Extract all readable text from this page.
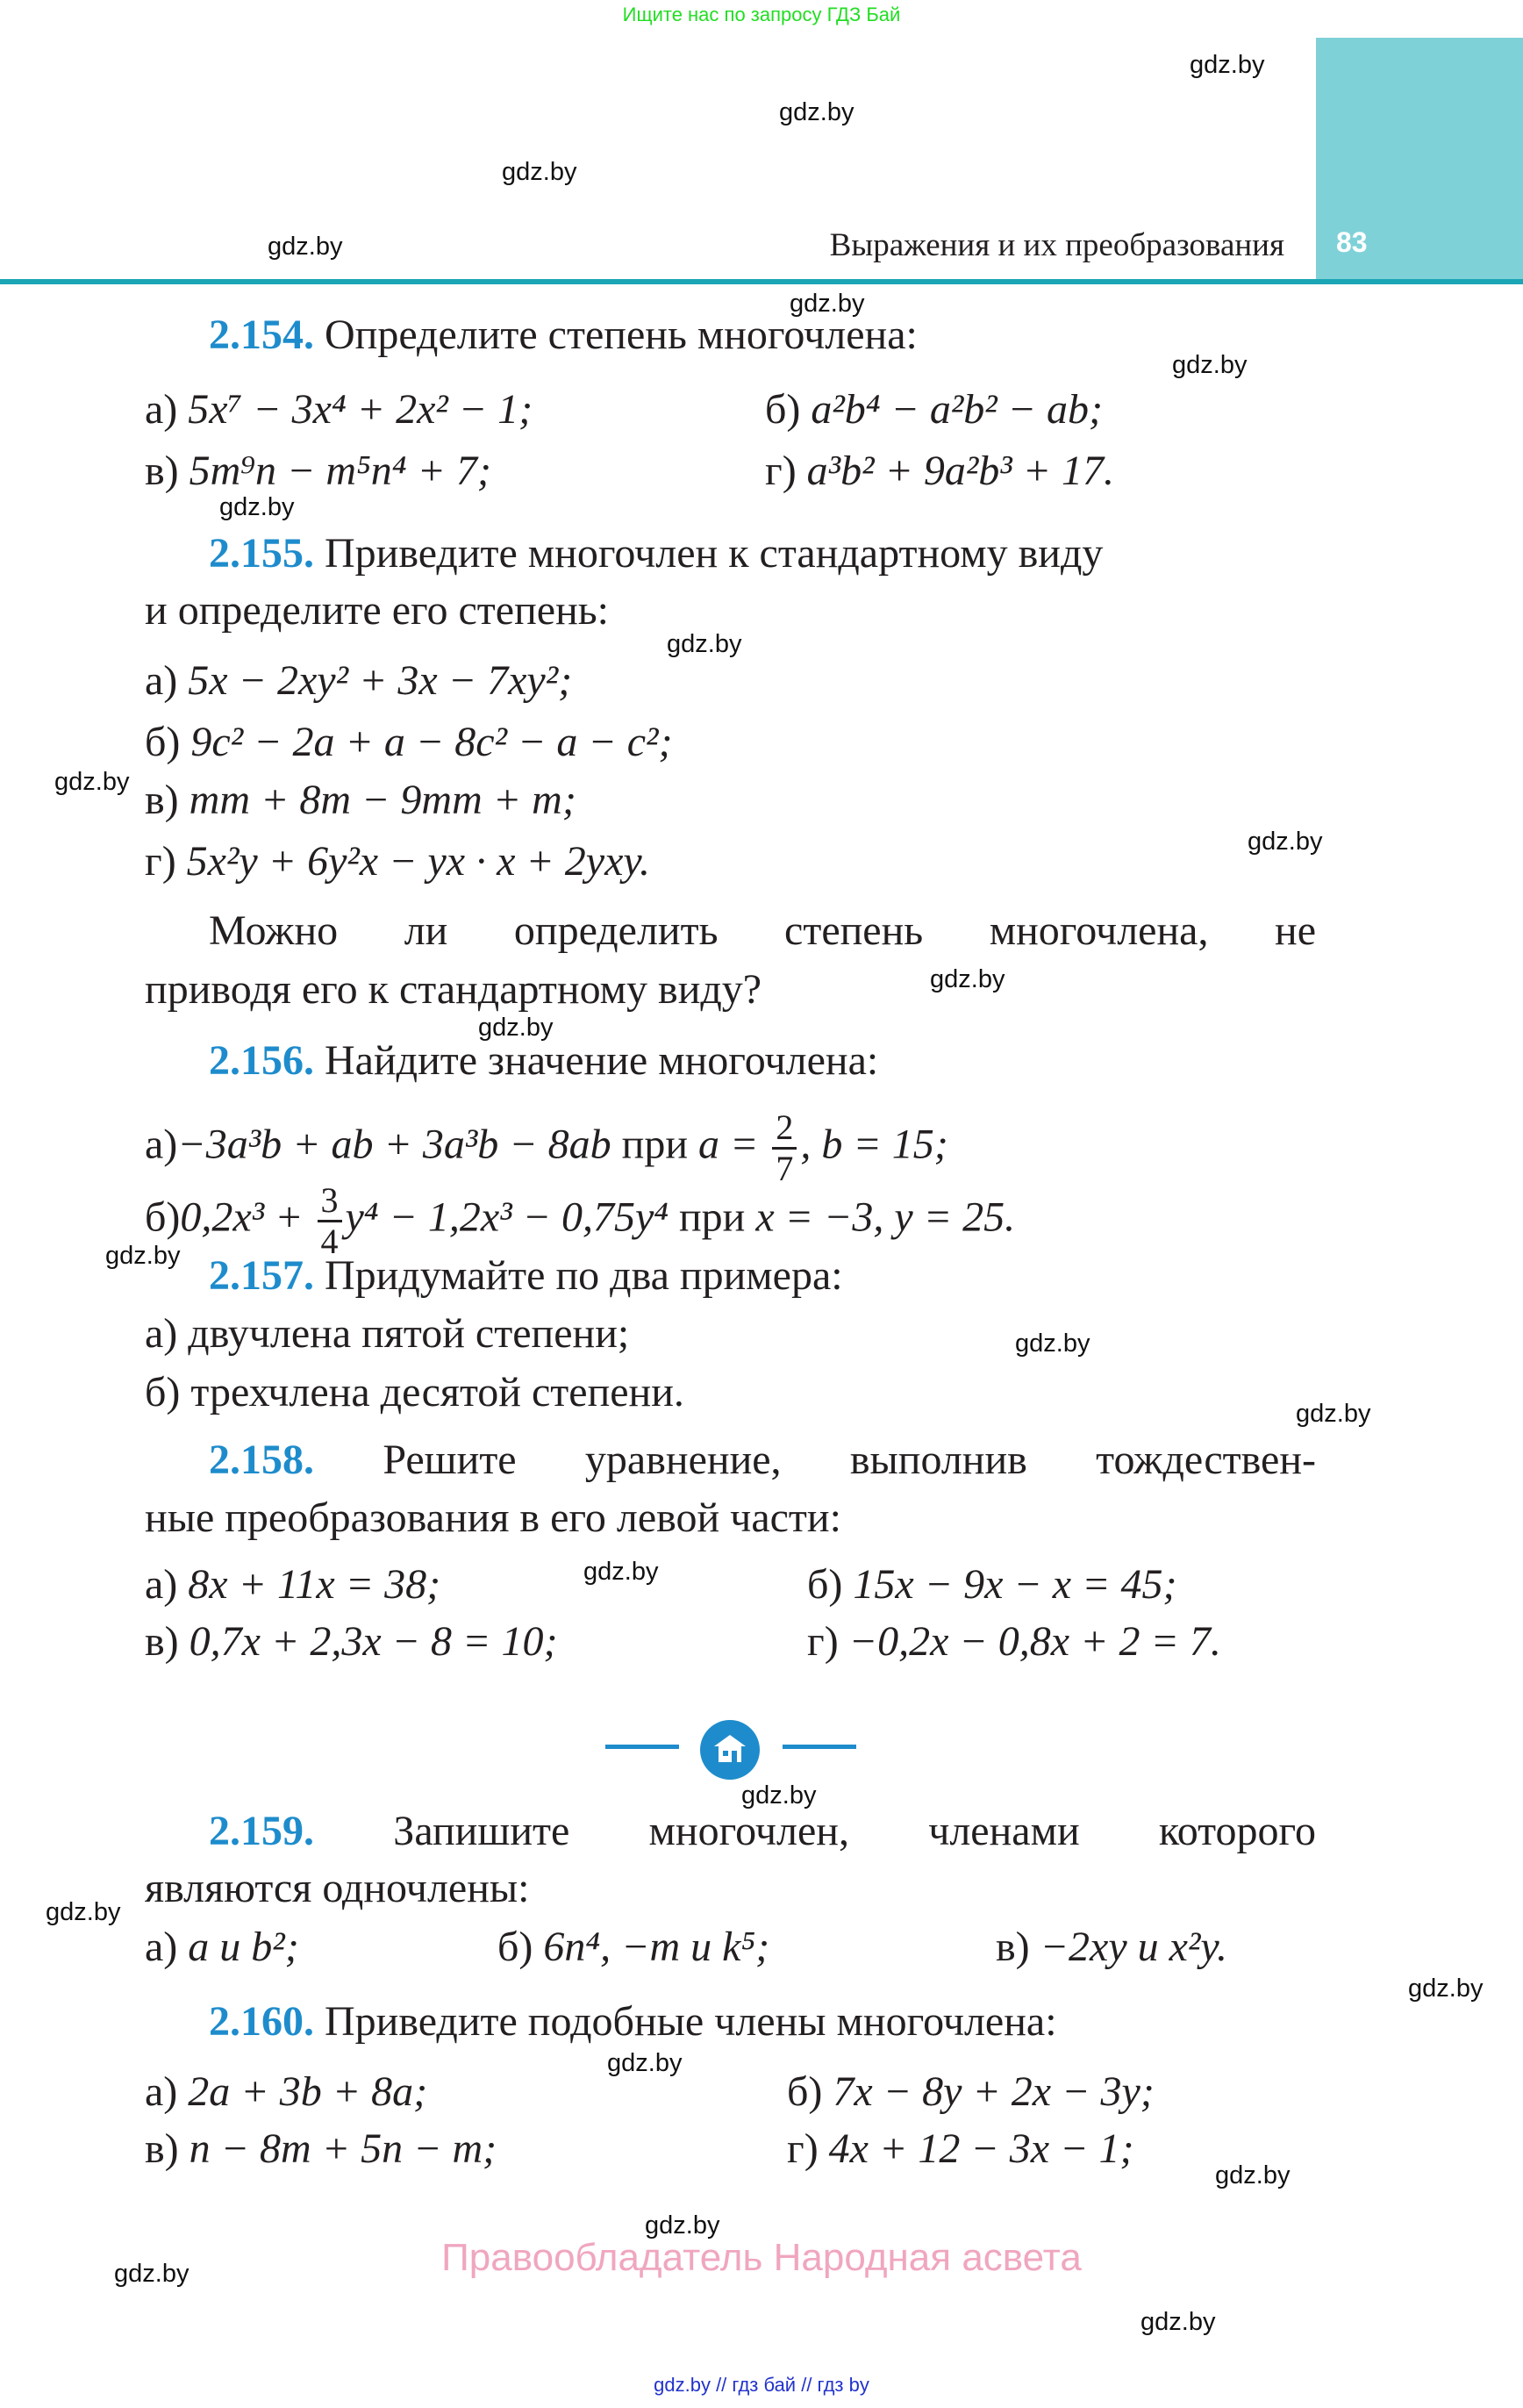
Ищите нас по запросу ГДЗ Бай
Выражения и их преобразования 83
gdz.by
gdz.by
gdz.by
gdz.by
gdz.by
gdz.by
gdz.by
gdz.by
gdz.by
gdz.by
gdz.by
gdz.by
gdz.by
gdz.by
gdz.by
gdz.by
gdz.by
gdz.by
gdz.by
gdz.by
gdz.by
gdz.by
gdz.by
gdz.by
2.154. Определите степень многочлена:
а) 5x⁷ − 3x⁴ + 2x² − 1;	б) a²b⁴ − a²b² − ab;
в) 5m⁹n − m⁵n⁴ + 7;	г) a³b² + 9a²b³ + 17.
2.155. Приведите многочлен к стандартному виду
и определите его степень:
а) 5x − 2xy² + 3x − 7xy²;
б) 9c² − 2a + a − 8c² − a − c²;
в) mm + 8m − 9mm + m;
г) 5x²y + 6y²x − yx · x + 2yxy.
Можно ли определить степень многочлена, не
приводя его к стандартному виду?
2.156. Найдите значение многочлена:
а)−3a³b + ab + 3a³b − 8ab при $a = \frac{2}{7}$ , b = 15;
$б)0,2x^3 + \frac{3}{4} y^4 - 1,2x^3 - 0,75y^4$ при x = −3, y = 25.
2.157. Придумайте по два примера:
а) двучлена пятой степени;
б) трехчлена десятой степени.
2.158. Решите уравнение, выполнив тождествен-
ные преобразования в его левой части:
а) 8x + 11x = 38;	б) 15x − 9x − x = 45;
в) 0,7x + 2,3x − 8 = 10;	г) −0,2x − 0,8x + 2 = 7.
2.159. Запишите многочлен, членами которого
являются одночлены:
а) a и b²;	б) 6n⁴, −m и k⁵;	в) −2xy и x²y.
2.160. Приведите подобные члены многочлена:
а) 2a + 3b + 8a;	б) 7x − 8y + 2x − 3y;
в) n − 8m + 5n − m;	г) 4x + 12 − 3x − 1;
Правообладатель Народная асвета
gdz.by // гдз бай // гдз by
